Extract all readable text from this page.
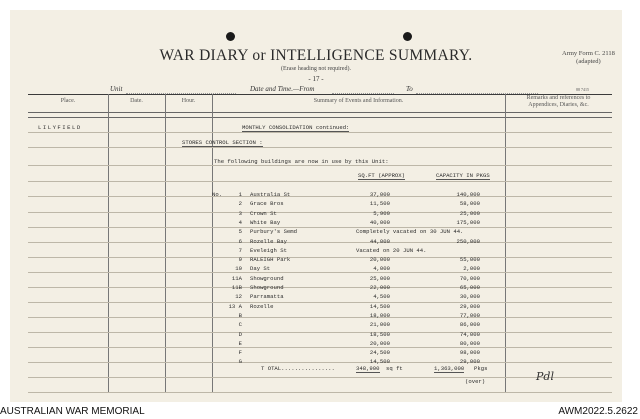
WAR DIARY or INTELLIGENCE SUMMARY.
(Erase heading not required).
- 17 -
Army Form C. 2118
(adapted)
Unit	Date and Time.—From	To	88 7415
Place.	Date.	Hour.	Summary of Events and Information.	Remarks and references to
Appendices, Diaries, &c.
LILYFIELD	MONTHLY CONSOLIDATION continued:
STORES CONTROL SECTION :
The following buildings are now in use by this Unit:
SQ.FT (APPROX)	CAPACITY IN PKGS
No.	1 Australia St	37,000	140,000
2 Grace Bros	11,500	58,000
3 Crown St	5,900	25,000
4 White Bay	40,000	175,000
5 Purbury's Semd	Completely vacated on 30 JUN 44.
6 Rozelle Bay	44,000	250,000
7 Eveleigh St	Vacated on 20 JUN 44.
9 RALEIGH Park	20,000	55,000
10 Day St	4,000	2,000
11A Showground	25,000	70,000
11B Showground	22,000	65,000
12 Parramatta	4,500	30,000
13 A Rozelle	14,500	29,000
B	18,000	77,000
C	21,000	86,000
D	18,500	74,000
E	20,000	80,000
F	24,500	98,000
G	14,500	29,000
T OTAL................	348,900 sq ft	1,363,000 Pkgs
(over)	Pdl
AUSTRALIAN WAR MEMORIAL	AWM2022.5.2622
